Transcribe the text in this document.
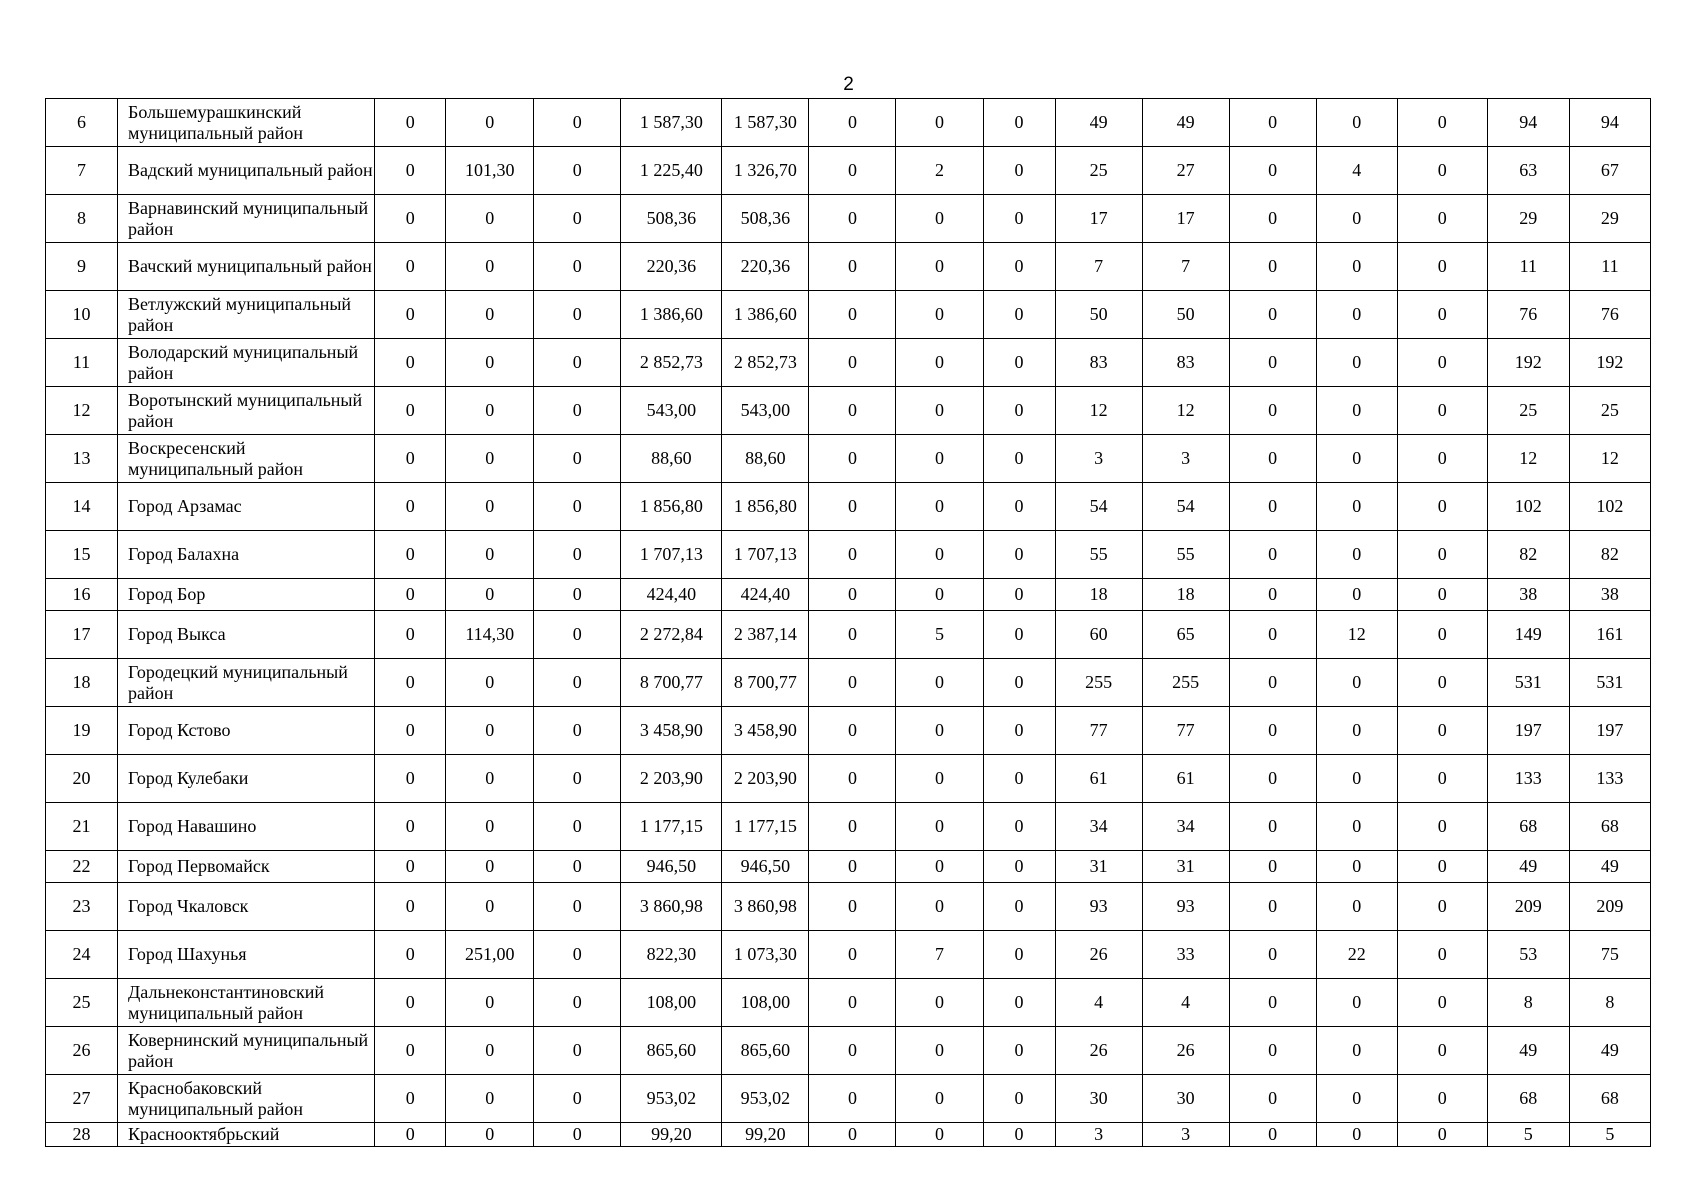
2
6	Большемурашкинский муниципальный район	0	0	0	1 587,30	1 587,30	0	0	0	49	49	0	0	0	94	94
7	Вадский муниципальный район	0	101,30	0	1 225,40	1 326,70	0	2	0	25	27	0	4	0	63	67
8	Варнавинский муниципальный район	0	0	0	508,36	508,36	0	0	0	17	17	0	0	0	29	29
9	Вачский муниципальный район	0	0	0	220,36	220,36	0	0	0	7	7	0	0	0	11	11
10	Ветлужский муниципальный район	0	0	0	1 386,60	1 386,60	0	0	0	50	50	0	0	0	76	76
11	Володарский муниципальный район	0	0	0	2 852,73	2 852,73	0	0	0	83	83	0	0	0	192	192
12	Воротынский муниципальный район	0	0	0	543,00	543,00	0	0	0	12	12	0	0	0	25	25
13	Воскресенский муниципальный район	0	0	0	88,60	88,60	0	0	0	3	3	0	0	0	12	12
14	Город Арзамас	0	0	0	1 856,80	1 856,80	0	0	0	54	54	0	0	0	102	102
15	Город Балахна	0	0	0	1 707,13	1 707,13	0	0	0	55	55	0	0	0	82	82
16	Город Бор	0	0	0	424,40	424,40	0	0	0	18	18	0	0	0	38	38
17	Город Выкса	0	114,30	0	2 272,84	2 387,14	0	5	0	60	65	0	12	0	149	161
18	Городецкий муниципальный район	0	0	0	8 700,77	8 700,77	0	0	0	255	255	0	0	0	531	531
19	Город Кстово	0	0	0	3 458,90	3 458,90	0	0	0	77	77	0	0	0	197	197
20	Город Кулебаки	0	0	0	2 203,90	2 203,90	0	0	0	61	61	0	0	0	133	133
21	Город Навашино	0	0	0	1 177,15	1 177,15	0	0	0	34	34	0	0	0	68	68
22	Город Первомайск	0	0	0	946,50	946,50	0	0	0	31	31	0	0	0	49	49
23	Город Чкаловск	0	0	0	3 860,98	3 860,98	0	0	0	93	93	0	0	0	209	209
24	Город Шахунья	0	251,00	0	822,30	1 073,30	0	7	0	26	33	0	22	0	53	75
25	Дальнеконстантиновский муниципальный район	0	0	0	108,00	108,00	0	0	0	4	4	0	0	0	8	8
26	Ковернинский муниципальный район	0	0	0	865,60	865,60	0	0	0	26	26	0	0	0	49	49
27	Краснобаковский муниципальный район	0	0	0	953,02	953,02	0	0	0	30	30	0	0	0	68	68
28	Краснооктябрьский	0	0	0	99,20	99,20	0	0	0	3	3	0	0	0	5	5
